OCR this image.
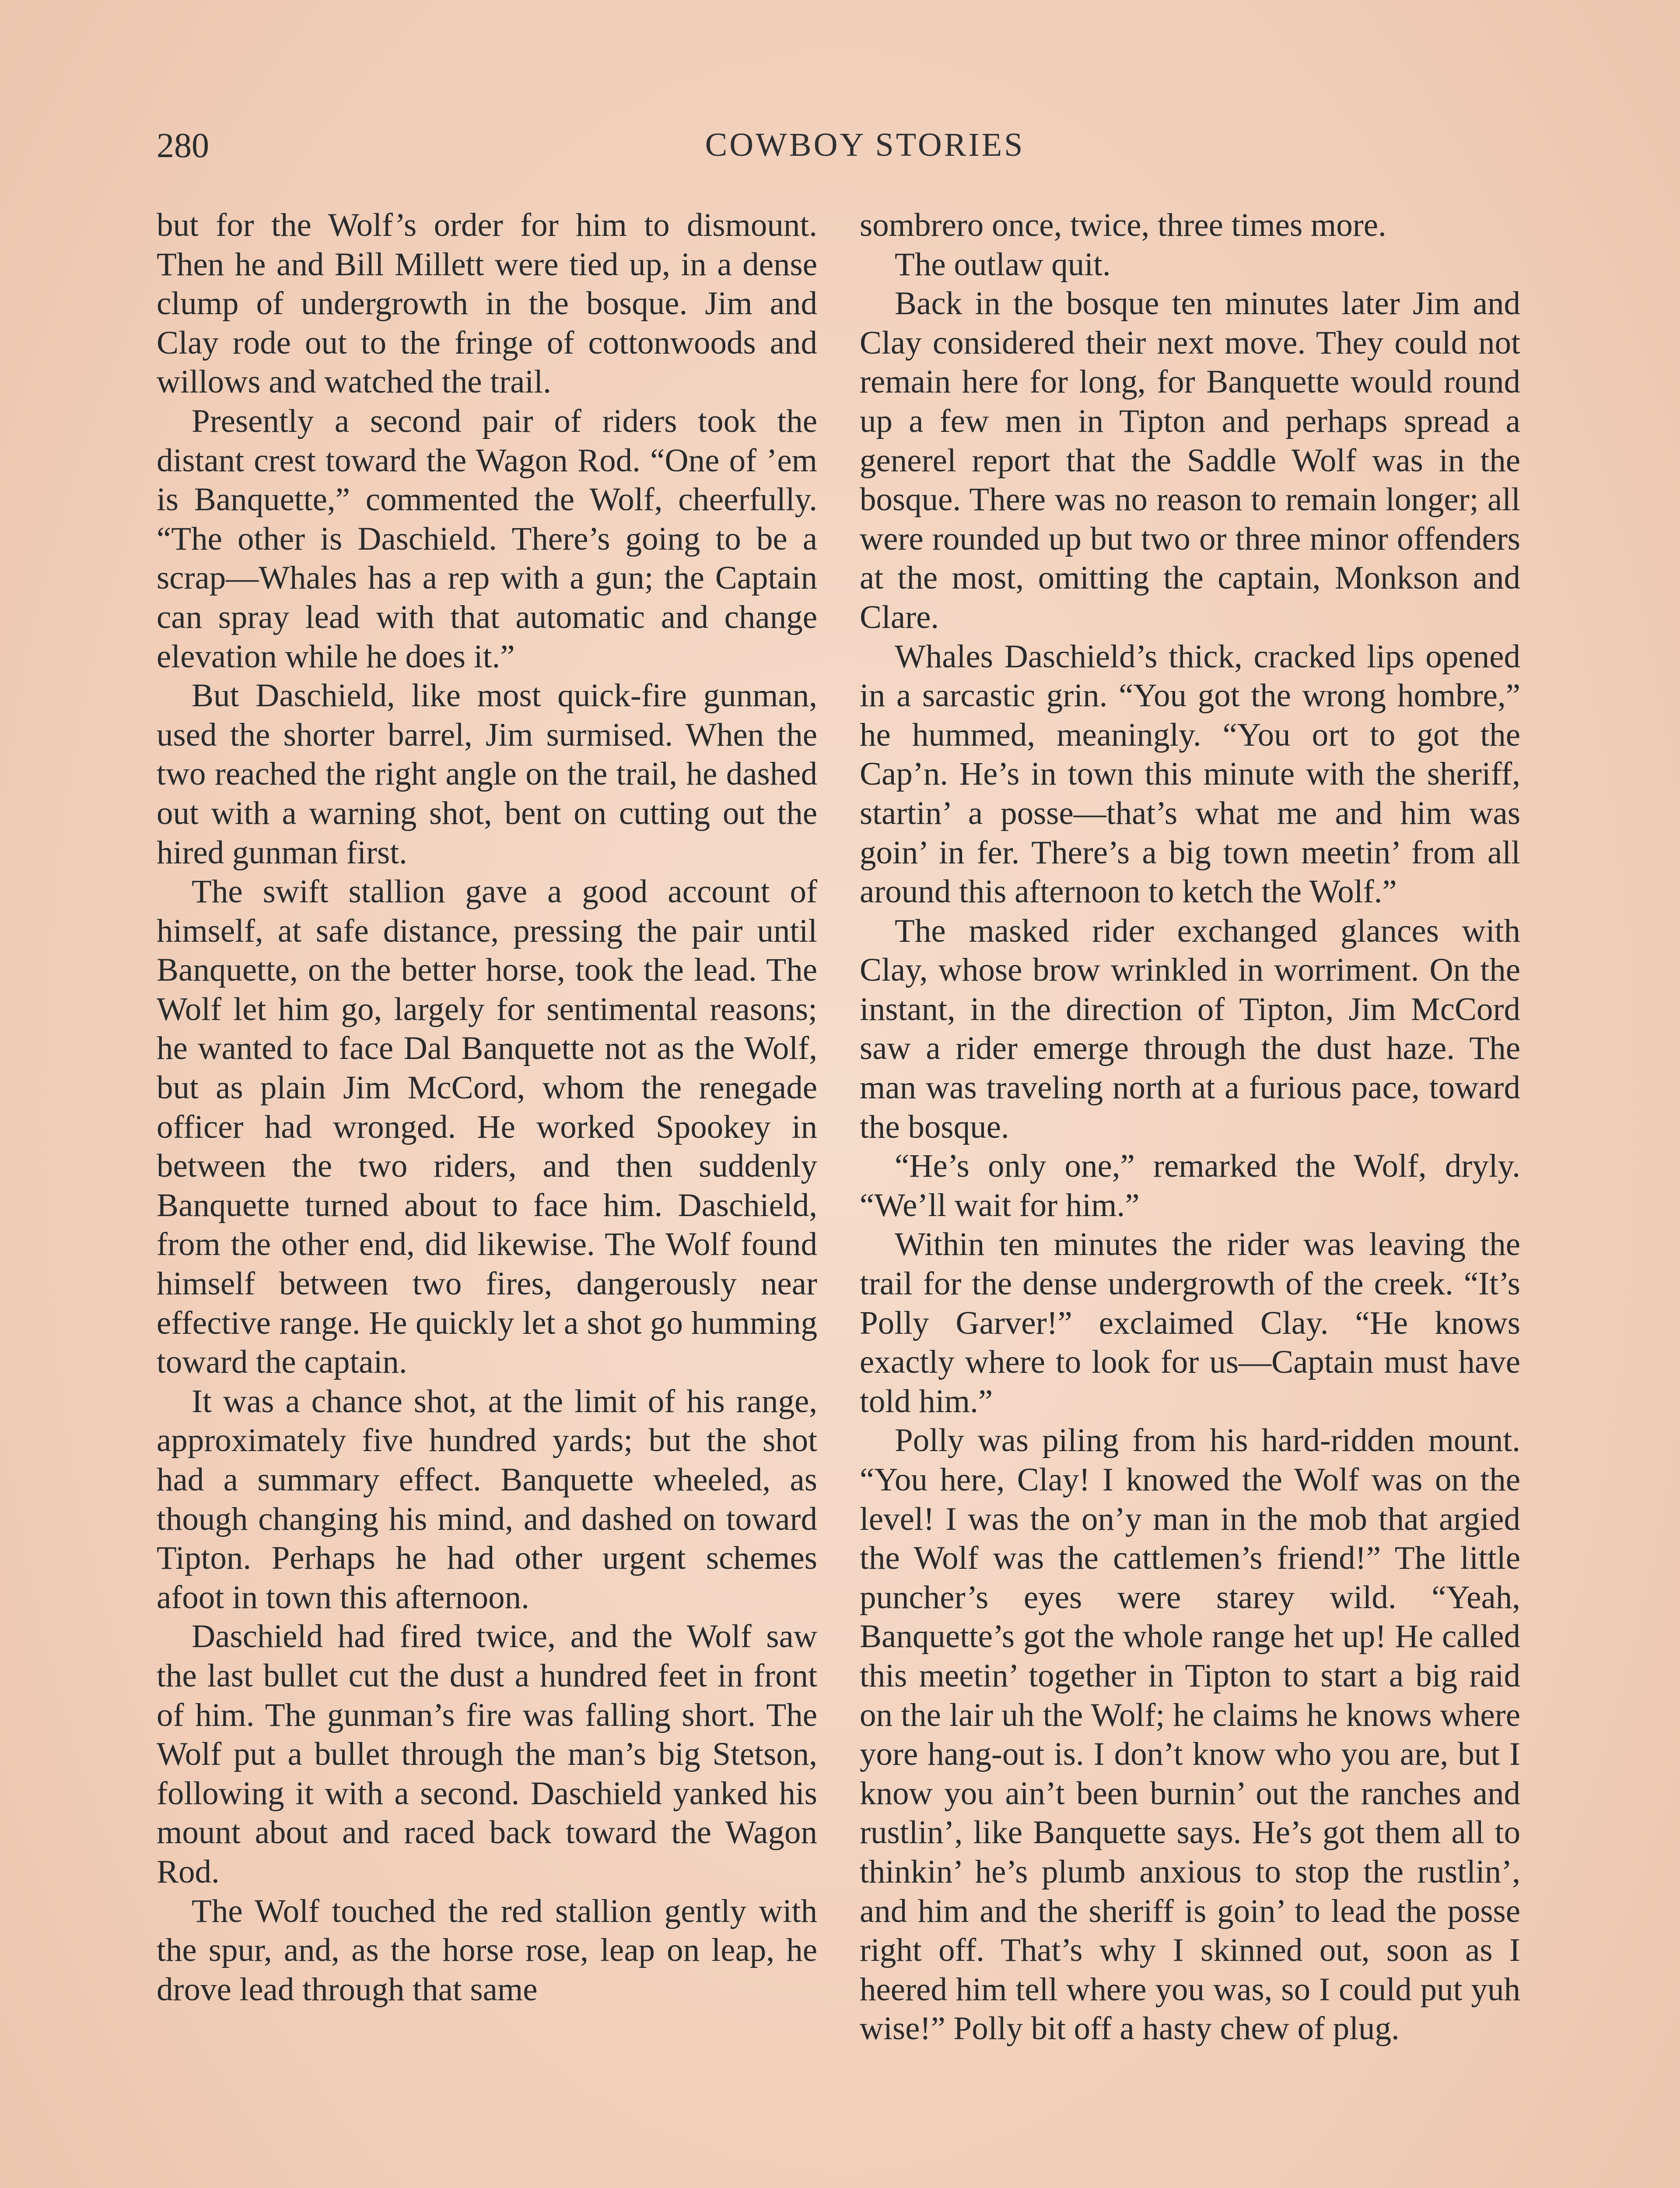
280	COWBOY STORIES

but for the Wolf’s order for him to dismount. Then he and Bill Millett were tied up, in a dense clump of undergrowth in the bosque. Jim and Clay rode out to the fringe of cottonwoods and willows and watched the trail.

Presently a second pair of riders took the distant crest toward the Wagon Rod. “One of ’em is Banquette,” commented the Wolf, cheerfully. “The other is Daschield. There’s going to be a scrap—Whales has a rep with a gun; the Captain can spray lead with that automatic and change elevation while he does it.”

But Daschield, like most quick-fire gunman, used the shorter barrel, Jim surmised. When the two reached the right angle on the trail, he dashed out with a warning shot, bent on cutting out the hired gunman first.

The swift stallion gave a good account of himself, at safe distance, pressing the pair until Banquette, on the better horse, took the lead. The Wolf let him go, largely for sentimental reasons; he wanted to face Dal Banquette not as the Wolf, but as plain Jim McCord, whom the renegade officer had wronged. He worked Spookey in between the two riders, and then suddenly Banquette turned about to face him. Daschield, from the other end, did likewise. The Wolf found himself between two fires, dangerously near effective range. He quickly let a shot go humming toward the captain.

It was a chance shot, at the limit of his range, approximately five hundred yards; but the shot had a summary effect. Banquette wheeled, as though changing his mind, and dashed on toward Tipton. Perhaps he had other urgent schemes afoot in town this afternoon.

Daschield had fired twice, and the Wolf saw the last bullet cut the dust a hundred feet in front of him. The gunman’s fire was falling short. The Wolf put a bullet through the man’s big Stetson, following it with a second. Daschield yanked his mount about and raced back toward the Wagon Rod.

The Wolf touched the red stallion gently with the spur, and, as the horse rose, leap on leap, he drove lead through that same

sombrero once, twice, three times more.

The outlaw quit.

Back in the bosque ten minutes later Jim and Clay considered their next move. They could not remain here for long, for Banquette would round up a few men in Tipton and perhaps spread a generel report that the Saddle Wolf was in the bosque. There was no reason to remain longer; all were rounded up but two or three minor offenders at the most, omitting the captain, Monkson and Clare.

Whales Daschield’s thick, cracked lips opened in a sarcastic grin. “You got the wrong hombre,” he hummed, meaningly. “You ort to got the Cap’n. He’s in town this minute with the sheriff, startin’ a posse—that’s what me and him was goin’ in fer. There’s a big town meetin’ from all around this afternoon to ketch the Wolf.”

The masked rider exchanged glances with Clay, whose brow wrinkled in worriment. On the instant, in the direction of Tipton, Jim McCord saw a rider emerge through the dust haze. The man was traveling north at a furious pace, toward the bosque.

“He’s only one,” remarked the Wolf, dryly. “We’ll wait for him.”

Within ten minutes the rider was leaving the trail for the dense undergrowth of the creek. “It’s Polly Garver!” exclaimed Clay. “He knows exactly where to look for us—Captain must have told him.”

Polly was piling from his hard-ridden mount. “You here, Clay! I knowed the Wolf was on the level! I was the on’y man in the mob that argied the Wolf was the cattlemen’s friend!” The little puncher’s eyes were starey wild. “Yeah, Banquette’s got the whole range het up! He called this meetin’ together in Tipton to start a big raid on the lair uh the Wolf; he claims he knows where yore hang-out is. I don’t know who you are, but I know you ain’t been burnin’ out the ranches and rustlin’, like Banquette says. He’s got them all to thinkin’ he’s plumb anxious to stop the rustlin’, and him and the sheriff is goin’ to lead the posse right off. That’s why I skinned out, soon as I heered him tell where you was, so I could put yuh wise!” Polly bit off a hasty chew of plug.
